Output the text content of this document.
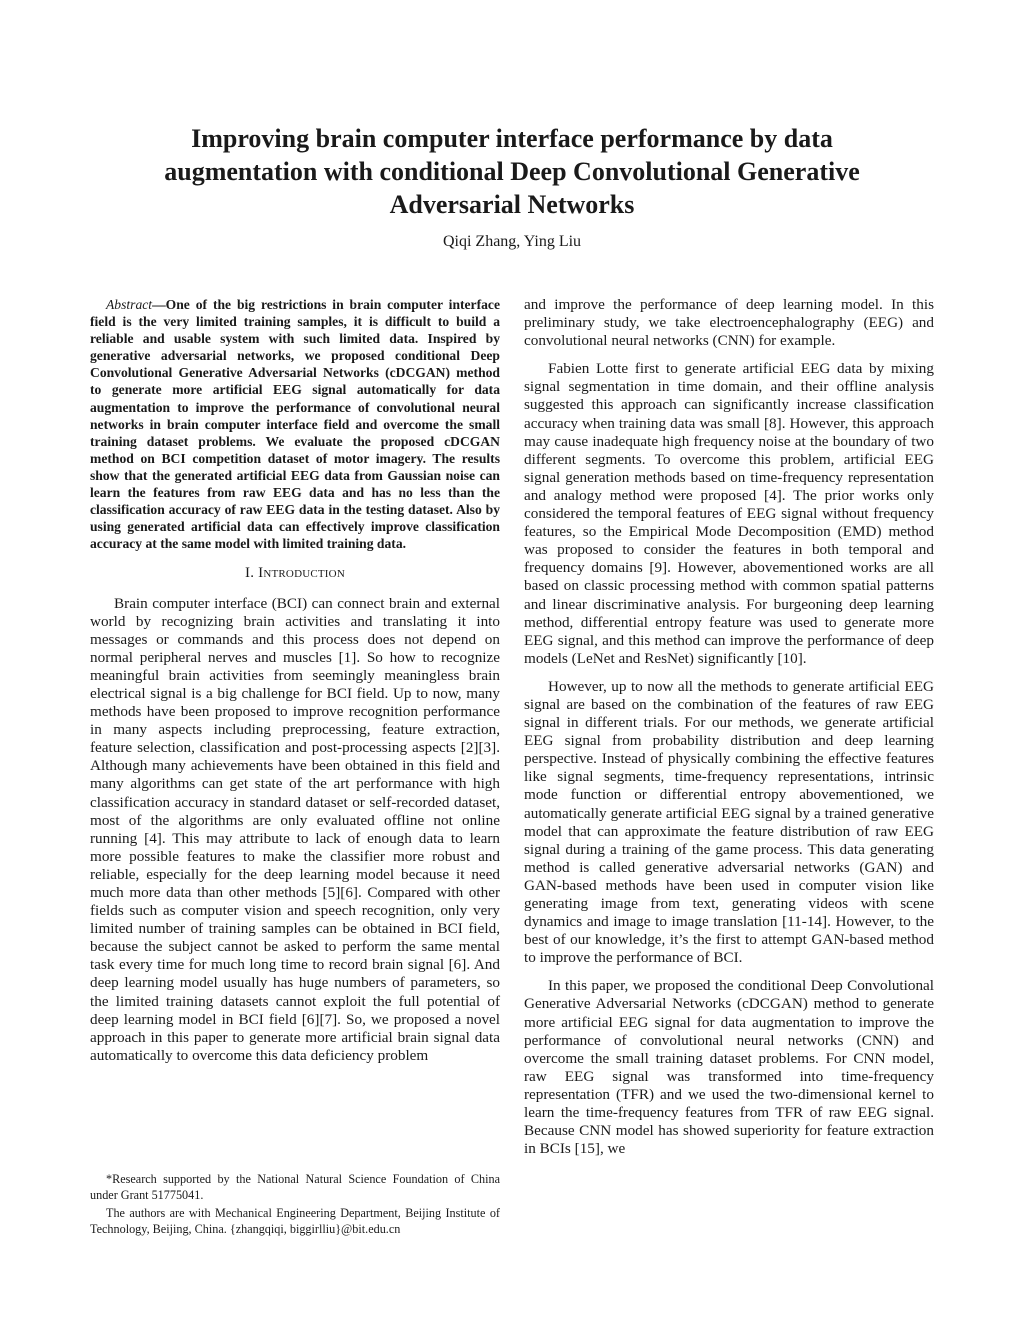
Improving brain computer interface performance by data augmentation with conditional Deep Convolutional Generative Adversarial Networks
Qiqi Zhang, Ying Liu

Abstract—One of the big restrictions in brain computer interface field is the very limited training samples, it is difficult to build a reliable and usable system with such limited data. Inspired by generative adversarial networks, we proposed conditional Deep Convolutional Generative Adversarial Networks (cDCGAN) method to generate more artificial EEG signal automatically for data augmentation to improve the performance of convolutional neural networks in brain computer interface field and overcome the small training dataset problems. We evaluate the proposed cDCGAN method on BCI competition dataset of motor imagery. The results show that the generated artificial EEG data from Gaussian noise can learn the features from raw EEG data and has no less than the classification accuracy of raw EEG data in the testing dataset. Also by using generated artificial data can effectively improve classification accuracy at the same model with limited training data.

I. Introduction

Brain computer interface (BCI) can connect brain and external world by recognizing brain activities and translating it into messages or commands and this process does not depend on normal peripheral nerves and muscles [1]. So how to recognize meaningful brain activities from seemingly meaningless brain electrical signal is a big challenge for BCI field. Up to now, many methods have been proposed to improve recognition performance in many aspects including preprocessing, feature extraction, feature selection, classification and post-processing aspects [2][3]. Although many achievements have been obtained in this field and many algorithms can get state of the art performance with high classification accuracy in standard dataset or self-recorded dataset, most of the algorithms are only evaluated offline not online running [4]. This may attribute to lack of enough data to learn more possible features to make the classifier more robust and reliable, especially for the deep learning model because it need much more data than other methods [5][6]. Compared with other fields such as computer vision and speech recognition, only very limited number of training samples can be obtained in BCI field, because the subject cannot be asked to perform the same mental task every time for much long time to record brain signal [6]. And deep learning model usually has huge numbers of parameters, so the limited training datasets cannot exploit the full potential of deep learning model in BCI field [6][7]. So, we proposed a novel approach in this paper to generate more artificial brain signal data automatically to overcome this data deficiency problem

and improve the performance of deep learning model. In this preliminary study, we take electroencephalography (EEG) and convolutional neural networks (CNN) for example.

Fabien Lotte first to generate artificial EEG data by mixing signal segmentation in time domain, and their offline analysis suggested this approach can significantly increase classification accuracy when training data was small [8]. However, this approach may cause inadequate high frequency noise at the boundary of two different segments. To overcome this problem, artificial EEG signal generation methods based on time-frequency representation and analogy method were proposed [4]. The prior works only considered the temporal features of EEG signal without frequency features, so the Empirical Mode Decomposition (EMD) method was proposed to consider the features in both temporal and frequency domains [9]. However, abovementioned works are all based on classic processing method with common spatial patterns and linear discriminative analysis. For burgeoning deep learning method, differential entropy feature was used to generate more EEG signal, and this method can improve the performance of deep models (LeNet and ResNet) significantly [10].

However, up to now all the methods to generate artificial EEG signal are based on the combination of the features of raw EEG signal in different trials. For our methods, we generate artificial EEG signal from probability distribution and deep learning perspective. Instead of physically combining the effective features like signal segments, time-frequency representations, intrinsic mode function or differential entropy abovementioned, we automatically generate artificial EEG signal by a trained generative model that can approximate the feature distribution of raw EEG signal during a training of the game process. This data generating method is called generative adversarial networks (GAN) and GAN-based methods have been used in computer vision like generating image from text, generating videos with scene dynamics and image to image translation [11-14]. However, to the best of our knowledge, it’s the first to attempt GAN-based method to improve the performance of BCI.

In this paper, we proposed the conditional Deep Convolutional Generative Adversarial Networks (cDCGAN) method to generate more artificial EEG signal for data augmentation to improve the performance of convolutional neural networks (CNN) and overcome the small training dataset problems. For CNN model, raw EEG signal was transformed into time-frequency representation (TFR) and we used the two-dimensional kernel to learn the time-frequency features from TFR of raw EEG signal. Because CNN model has showed superiority for feature extraction in BCIs [15], we

*Research supported by the National Natural Science Foundation of China under Grant 51775041.

The authors are with Mechanical Engineering Department, Beijing Institute of Technology, Beijing, China. {zhangqiqi, biggirlliu}@bit.edu.cn
